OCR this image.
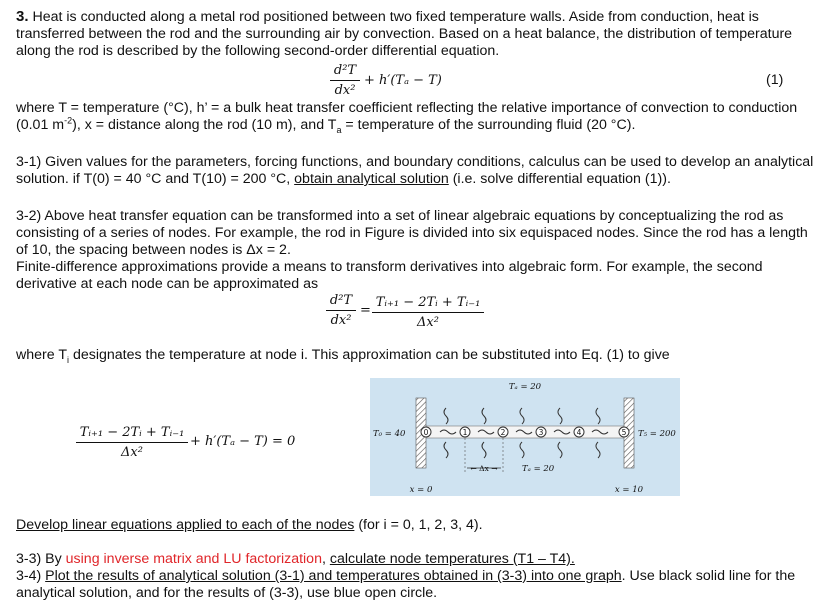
3. Heat is conducted along a metal rod positioned between two fixed temperature walls. Aside from conduction, heat is transferred between the rod and the surrounding air by convection. Based on a heat balance, the distribution of temperature along the rod is described by the following second-order differential equation.
d²T
dx²
+ h′(Tₐ − T)	(1)
where T = temperature (°C), h’ = a bulk heat transfer coefficient reflecting the relative importance of convection to conduction (0.01 $m^{-2}$), x = distance along the rod (10 m), and $T_a$ = temperature of the surrounding fluid (20 °C).
3-1) Given values for the parameters, forcing functions, and boundary conditions, calculus can be used to develop an analytical solution. if T(0) = 40 °C and T(10) = 200 °C, obtain analytical solution (i.e. solve differential equation (1)).
3-2) Above heat transfer equation can be transformed into a set of linear algebraic equations by conceptualizing the rod as consisting of a series of nodes. For example, the rod in Figure is divided into six equispaced nodes. Since the rod has a length of 10, the spacing between nodes is Δx = 2.
Finite-difference approximations provide a means to transform derivatives into algebraic form. For example, the second derivative at each node can be approximated as
d²T
dx²
=
Tᵢ₊₁ − 2Tᵢ + Tᵢ₋₁
Δx²
where $T_i$ designates the temperature at node i. This approximation can be substituted into Eq. (1) to give
Tᵢ₊₁ − 2Tᵢ + Tᵢ₋₁
Δx²
+ h′(Tₐ − T) = 0
0	1	2	3	4	5
Tₐ = 20
T₀ = 40	T₅ = 200
← Δx →	Tₐ = 20
x = 0	x = 10
Develop linear equations applied to each of the nodes (for i = 0, 1, 2, 3, 4).
3-3) By using inverse matrix and LU factorization, calculate node temperatures (T1 – T4).
3-4) Plot the results of analytical solution (3-1) and temperatures obtained in (3-3) into one graph. Use black solid line for the analytical solution, and for the results of (3-3), use blue open circle.
